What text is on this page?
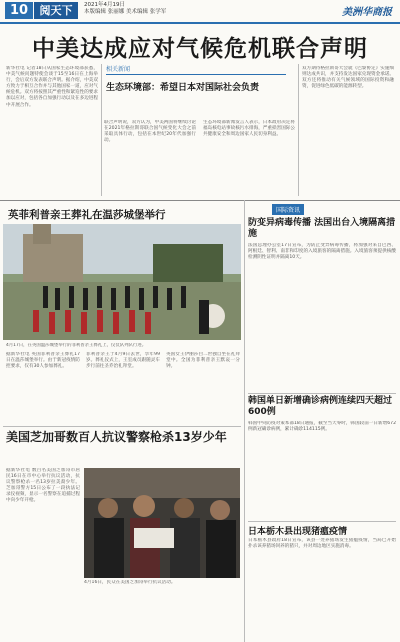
10	阅天下	2021年4月19日
本版编辑 张丽娜 美术编辑 张学军	美洲华商报
中美达成应对气候危机联合声明
新华社电 记者18日从国家生态环境部获悉，中美气候问题特使会谈于15至16日在上海举行，会后双方发表联合声明。据介绍，中美双方致力于相互合作并与其他国家一道，应对气候危机。双方将按照其严重性和紧迫性的要求加以应对，包括各自加强行动以及在多边进程中开展合作。
相关新闻
生态环境部：希望日本对国际社会负责
联合声明说，双方认为，中美两国将继续讨论在2021年格拉斯哥联合国气候变化大会之前采取具体行动，包括在本世纪20年代加强行动。
生态环境部新闻发言人表示，日本政府决定将福岛核电站事故核污水排海，严重损害国际公共健康安全和周边国家人民切身利益。
双方期待格拉斯哥大会就《巴黎协定》实施细则达成共识，并支持发达国家兑现资金承诺。双方还将推动有关气候领域的国际投资和融资，促进绿色低碳的能源转型。
英菲利普亲王葬礼在温莎城堡举行
4月17日，在英国温莎城堡举行的菲利普亲王葬礼上，仪仗队列队行进。
据新华社电 英国菲利普亲王葬礼17日在温莎城堡举行。由于新冠疫情防控要求，仅有30人参加葬礼。
菲利普亲王于4月9日去世，享年99岁。葬礼仪式上，王室成员跟随灵车步行前往圣乔治礼拜堂。
英国女王伊丽莎白二世独自坐在礼拜堂中。全国为菲利普亲王默哀一分钟。
美国芝加哥数百人抗议警察枪杀13岁少年
据新华社电 数百名美国芝加哥市居民16日在市中心举行抗议活动，抗议警察枪杀一名13岁拉美裔少年。芝加哥警方15日公布了一段执法记录仪视频，显示一名警察在追捕过程中向少年开枪。
4月16日，民众在美国芝加哥举行抗议活动。
国际资讯
防变异病毒传播 法国出台入境隔离措施
法国总理办公室17日宣布，为防止变异病毒传播，将加强对来自巴西、阿根廷、智利、南非和印度的入境旅客的隔离措施。入境旅客须提供核酸检测阴性证明并隔离10天。
韩国单日新增确诊病例连续四天超过600例
韩国中央防疫对策本部18日通报，截至当天零时，韩国较前一日新增672例新冠确诊病例，累计确诊114115例。
日本栃木县出现猪瘟疫情
日本栃木县政府18日宣布，该县一处养猪场发生猪瘟疫情，当局已开始扑杀该养猪场饲养的猪只，并对周边地区实施消毒。
